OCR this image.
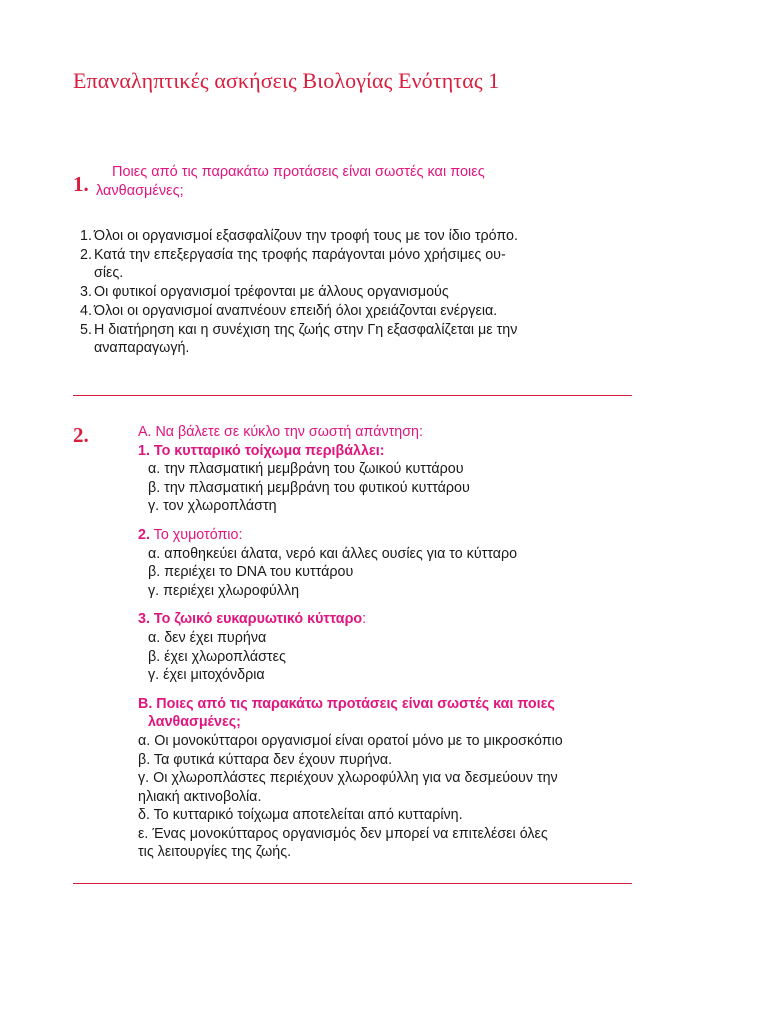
Επαναληπτικές ασκήσεις Βιολογίας Ενότητας 1
1.	Ποιες από τις παρακάτω προτάσεις είναι σωστές και ποιες
λανθασμένες;
1. Όλοι οι οργανισμοί εξασφαλίζουν την τροφή τους με τον ίδιο τρόπο.
2. Κατά την επεξεργασία της τροφής παράγονται μόνο χρήσιμες ου-
σίες.
3. Οι φυτικοί οργανισμοί τρέφονται με άλλους οργανισμούς
4. Όλοι οι οργανισμοί αναπνέουν επειδή όλοι χρειάζονται ενέργεια.
5. Η διατήρηση και η συνέχιση της ζωής στην Γη εξασφαλίζεται με την
αναπαραγωγή.
2.	Α. Να βάλετε σε κύκλο την σωστή απάντηση:
1. Το κυτταρικό τοίχωμα περιβάλλει:
α. την πλασματική μεμβράνη του ζωικού κυττάρου
β. την πλασματική μεμβράνη του φυτικού κυττάρου
γ. τον χλωροπλάστη
2. Το χυμοτόπιο:
α. αποθηκεύει άλατα, νερό και άλλες ουσίες για το κύτταρο
β. περιέχει το DNA του κυττάρου
γ. περιέχει χλωροφύλλη
3. Το ζωικό ευκαρυωτικό κύτταρο:
α. δεν έχει πυρήνα
β. έχει χλωροπλάστες
γ. έχει μιτοχόνδρια
Β. Ποιες από τις παρακάτω προτάσεις είναι σωστές και ποιες
λανθασμένες;
α. Οι μονοκύτταροι οργανισμοί είναι ορατοί μόνο με το μικροσκόπιο
β. Τα φυτικά κύτταρα δεν έχουν πυρήνα.
γ. Οι χλωροπλάστες περιέχουν χλωροφύλλη για να δεσμεύουν την
ηλιακή ακτινοβολία.
δ. Το κυτταρικό τοίχωμα αποτελείται από κυτταρίνη.
ε. Ένας μονοκύτταρος οργανισμός δεν μπορεί να επιτελέσει όλες
τις λειτουργίες της ζωής.
